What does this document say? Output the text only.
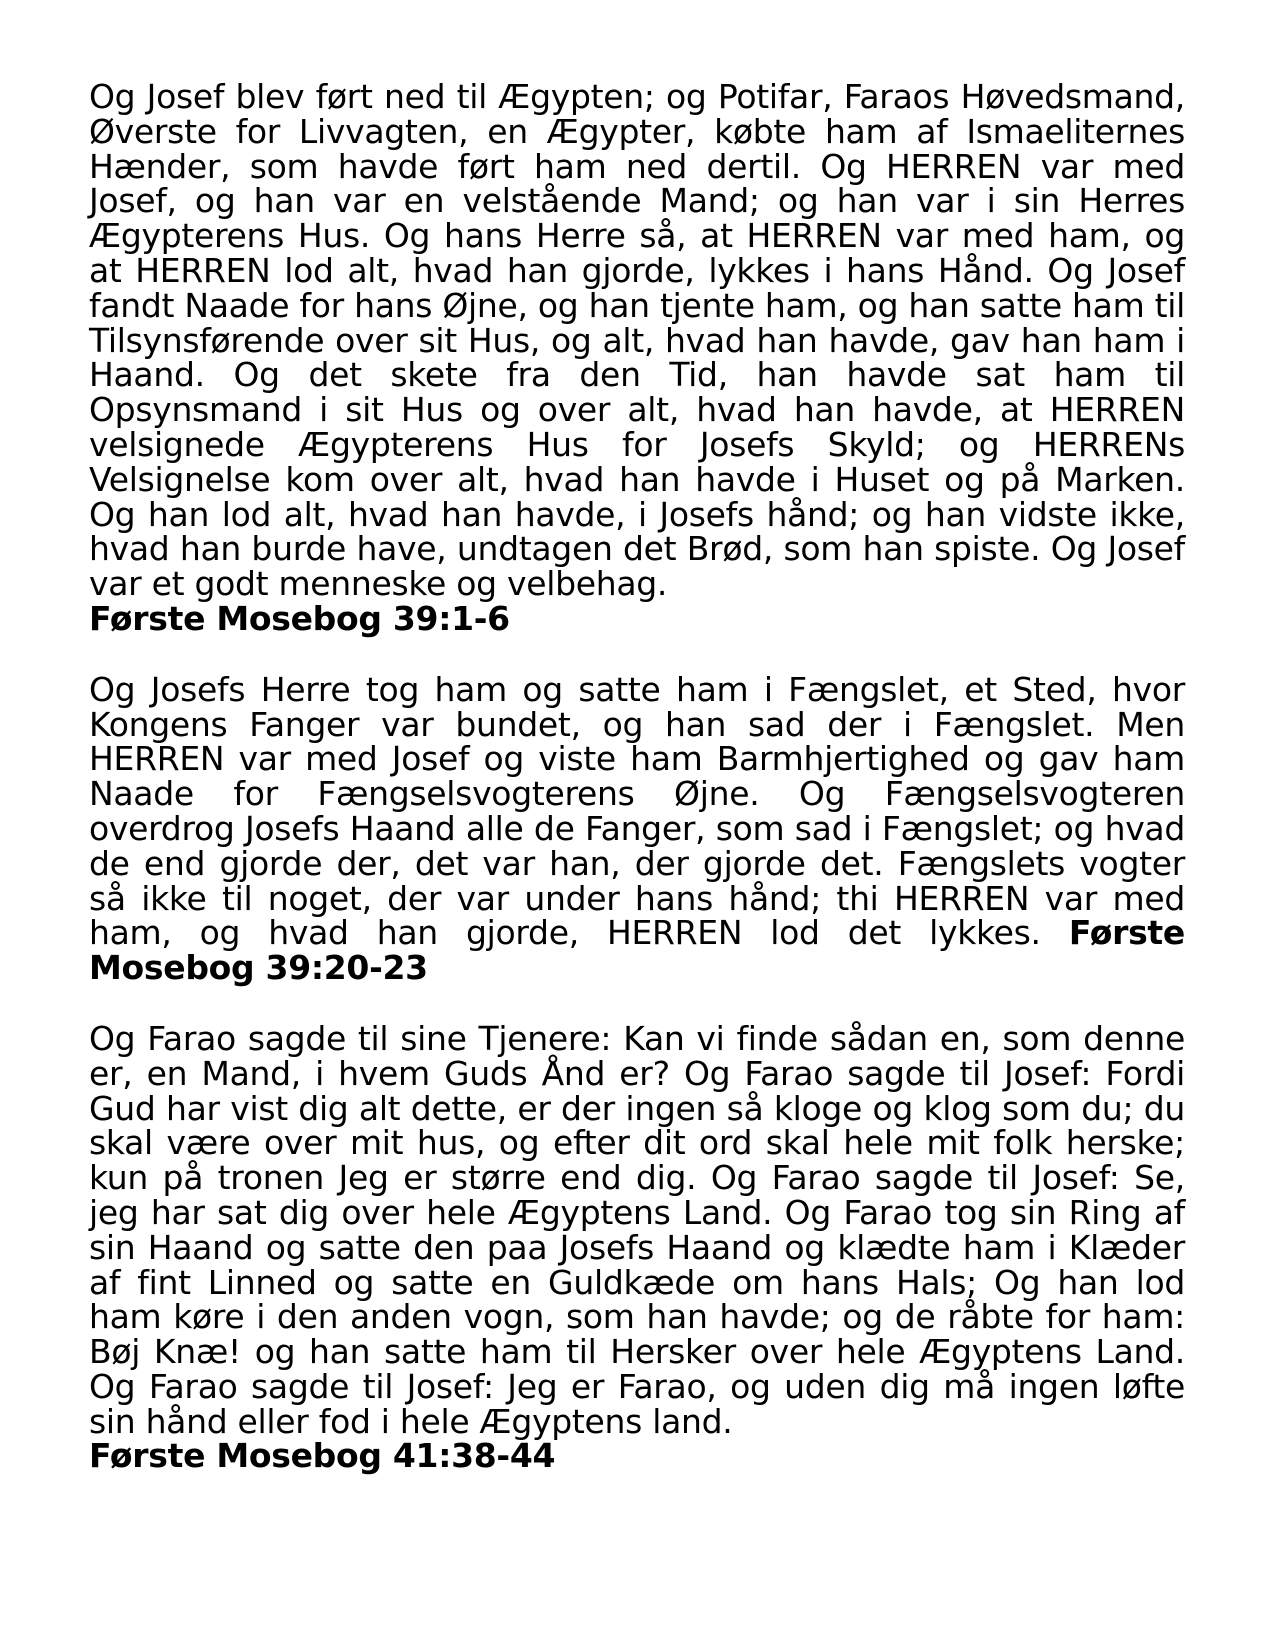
Og Josef blev ført ned til Ægypten; og Potifar, Faraos Høvedsmand, Øverste for Livvagten, en Ægypter, købte ham af Ismaeliternes Hænder, som havde ført ham ned dertil. Og HERREN var med Josef, og han var en velstående Mand; og han var i sin Herres Ægypterens Hus. Og hans Herre så, at HERREN var med ham, og at HERREN lod alt, hvad han gjorde, lykkes i hans Hånd. Og Josef fandt Naade for hans Øjne, og han tjente ham, og han satte ham til Tilsynsførende over sit Hus, og alt, hvad han havde, gav han ham i Haand. Og det skete fra den Tid, han havde sat ham til Opsynsmand i sit Hus og over alt, hvad han havde, at HERREN velsignede Ægypterens Hus for Josefs Skyld; og HERRENs Velsignelse kom over alt, hvad han havde i Huset og på Marken. Og han lod alt, hvad han havde, i Josefs hånd; og han vidste ikke, hvad han burde have, undtagen det Brød, som han spiste. Og Josef var et godt menneske og velbehag.
Første Mosebog 39:1-6
Og Josefs Herre tog ham og satte ham i Fængslet, et Sted, hvor Kongens Fanger var bundet, og han sad der i Fængslet. Men HERREN var med Josef og viste ham Barmhjertighed og gav ham Naade for Fængselsvogterens Øjne. Og Fængselsvogteren overdrog Josefs Haand alle de Fanger, som sad i Fængslet; og hvad de end gjorde der, det var han, der gjorde det. Fængslets vogter så ikke til noget, der var under hans hånd; thi HERREN var med ham, og hvad han gjorde, HERREN lod det lykkes. Første Mosebog 39:20-23
Og Farao sagde til sine Tjenere: Kan vi finde sådan en, som denne er, en Mand, i hvem Guds Ånd er? Og Farao sagde til Josef: Fordi Gud har vist dig alt dette, er der ingen så kloge og klog som du; du skal være over mit hus, og efter dit ord skal hele mit folk herske; kun på tronen Jeg er større end dig. Og Farao sagde til Josef: Se, jeg har sat dig over hele Ægyptens Land. Og Farao tog sin Ring af sin Haand og satte den paa Josefs Haand og klædte ham i Klæder af fint Linned og satte en Guldkæde om hans Hals; Og han lod ham køre i den anden vogn, som han havde; og de råbte for ham: Bøj Knæ! og han satte ham til Hersker over hele Ægyptens Land. Og Farao sagde til Josef: Jeg er Farao, og uden dig må ingen løfte sin hånd eller fod i hele Ægyptens land.
Første Mosebog 41:38-44
